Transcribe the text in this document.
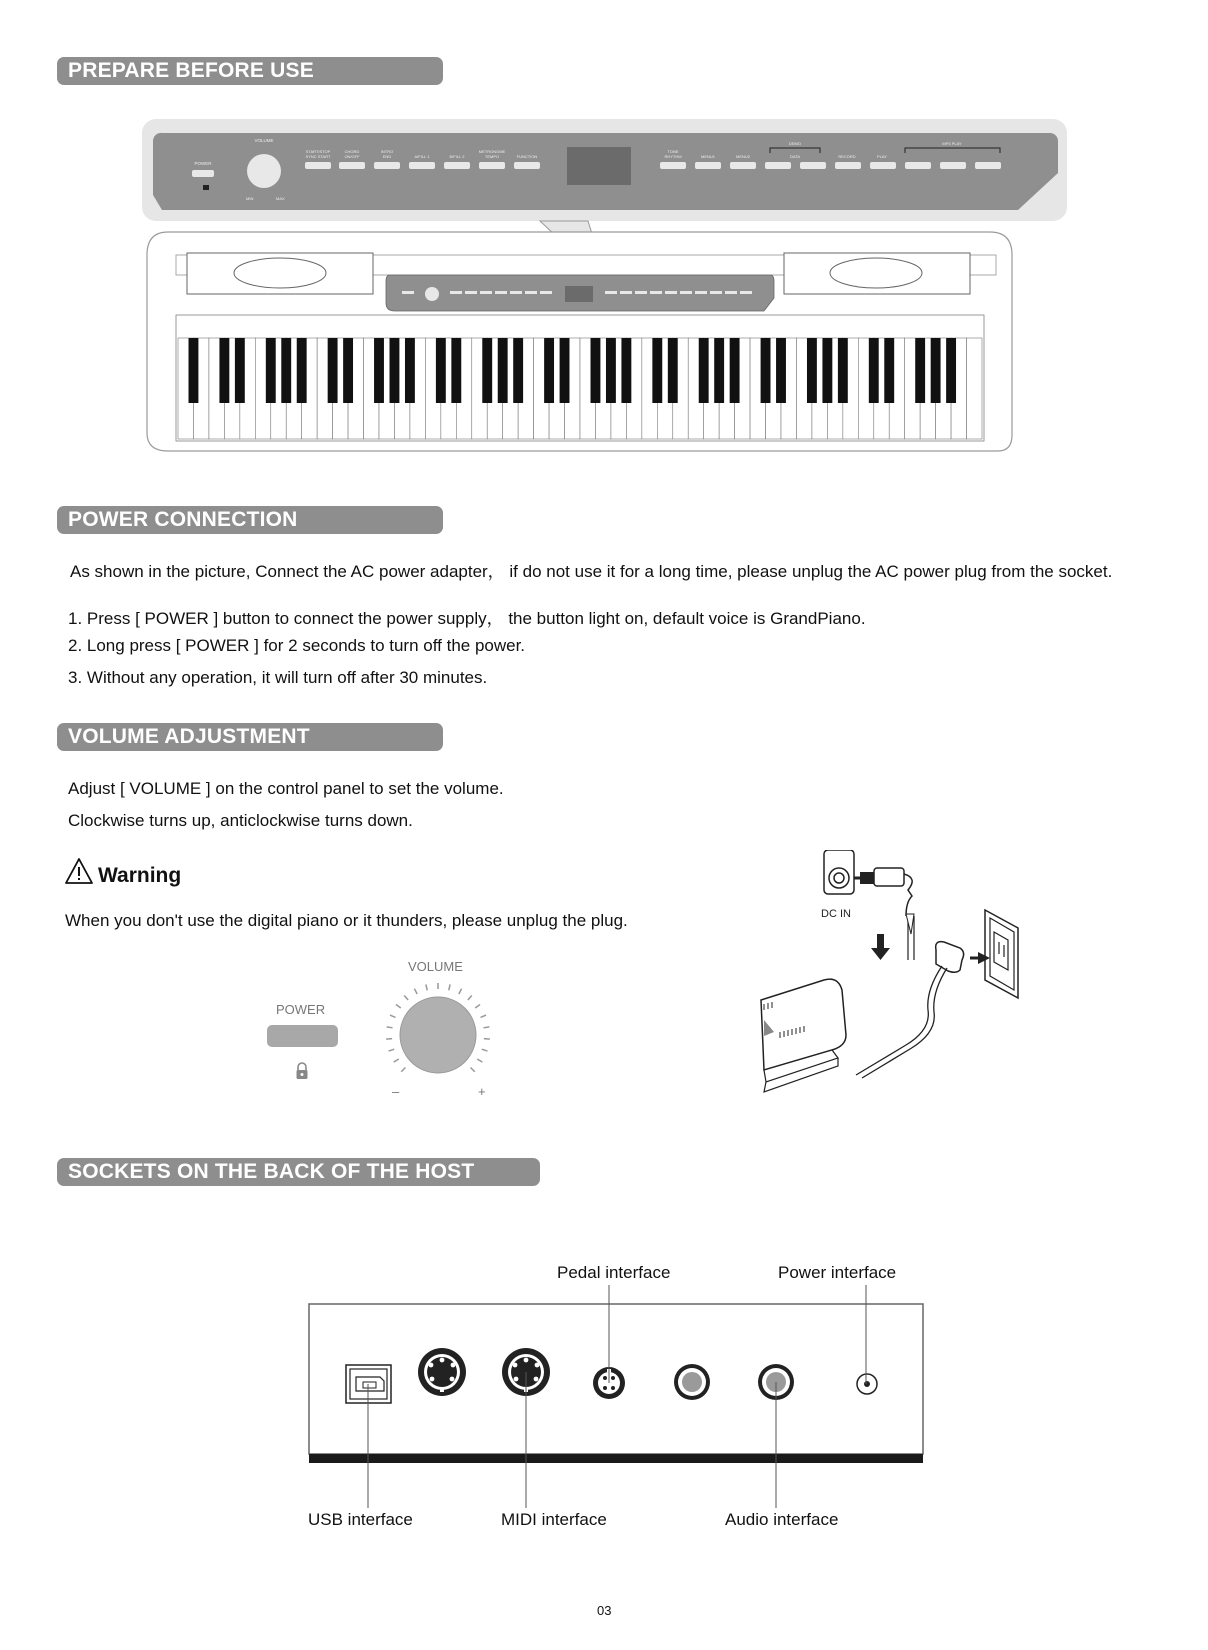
PREPARE BEFORE USE
POWER
VOLUME
MIN	MAX
START/STOP
SYNC START
CHORD
ON/OFF
INTRO
END	A/FILL 1	B/FILL 2
METRONOME
TEMPO	FUNCTION
TONE
RHYTHM	MENU1	MENU2
DEMO
DATA	RECORD	PLAY
MP3 PLAY
POWER CONNECTION
As shown in the picture, Connect the AC power adapter， if do not use it for a long time, please unplug the AC power plug from the socket.
1. Press [ POWER ] button to connect the power supply， the button light on, default voice is GrandPiano.
2. Long press [ POWER ] for 2 seconds to turn off the power.
3. Without any operation, it will turn off after 30 minutes.
VOLUME ADJUSTMENT
Adjust [ VOLUME ] on the control panel to set the volume.
Clockwise turns up, anticlockwise turns down.
Warning
When you don't use the digital piano or it thunders, please unplug the plug.
POWER
VOLUME
–	+
DC IN
SOCKETS ON THE BACK OF THE HOST
Pedal interface	Power interface
USB interface	MIDI interface	Audio interface
03
